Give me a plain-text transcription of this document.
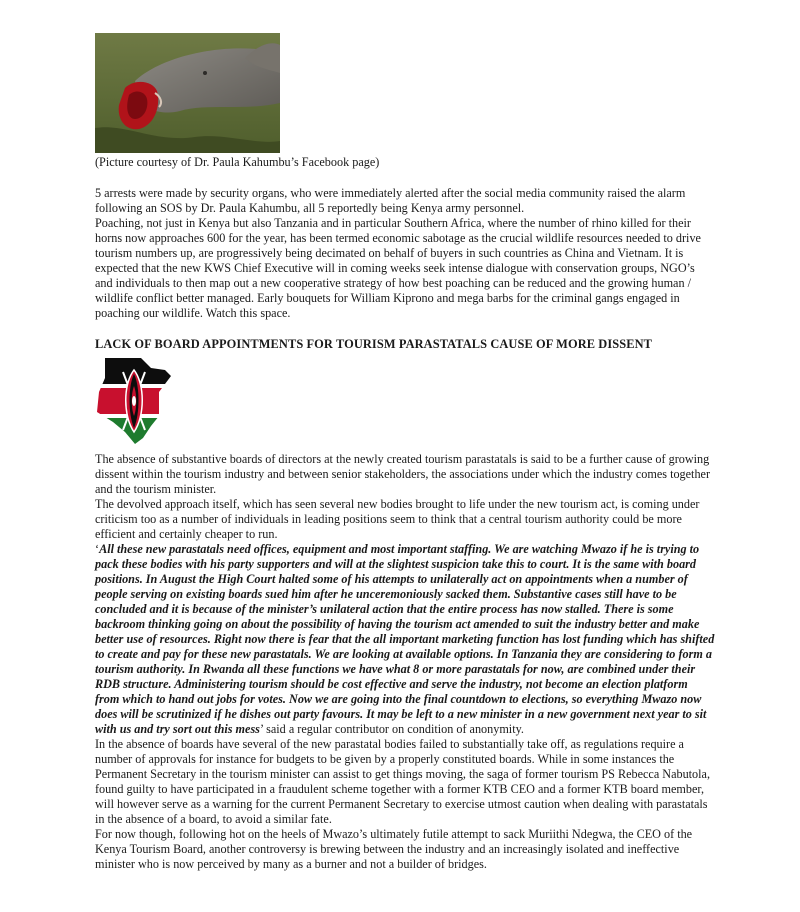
(Picture courtesy of Dr. Paula Kahumbu’s Facebook page)

5 arrests were made by security organs, who were immediately alerted after the social media community raised the alarm following an SOS by Dr. Paula Kahumbu, all 5 reportedly being Kenya army personnel.

Poaching, not just in Kenya but also Tanzania and in particular Southern Africa, where the number of rhino killed for their horns now approaches 600 for the year, has been termed economic sabotage as the crucial wildlife resources needed to drive tourism numbers up, are progressively being decimated on behalf of buyers in such countries as China and Vietnam. It is expected that the new KWS Chief Executive will in coming weeks seek intense dialogue with conservation groups, NGO’s and individuals to then map out a new cooperative strategy of how best poaching can be reduced and the growing human / wildlife conflict better managed. Early bouquets for William Kiprono and mega barbs for the criminal gangs engaged in poaching our wildlife. Watch this space.

LACK OF BOARD APPOINTMENTS FOR TOURISM PARASTATALS CAUSE OF MORE DISSENT

The absence of substantive boards of directors at the newly created tourism parastatals is said to be a further cause of growing dissent within the tourism industry and between senior stakeholders, the associations under which the industry comes together and the tourism minister.

The devolved approach itself, which has seen several new bodies brought to life under the new tourism act, is coming under criticism too as a number of individuals in leading positions seem to think that a central tourism authority could be more efficient and certainly cheaper to run.

‘All these new parastatals need offices, equipment and most important staffing. We are watching Mwazo if he is trying to pack these bodies with his party supporters and will at the slightest suspicion take this to court. It is the same with board positions. In August the High Court halted some of his attempts to unilaterally act on appointments when a number of people serving on existing boards sued him after he unceremoniously sacked them. Substantive cases still have to be concluded and it is because of the minister’s unilateral action that the entire process has now stalled. There is some backroom thinking going on about the possibility of having the tourism act amended to suit the industry better and make better use of resources. Right now there is fear that the all important marketing function has lost funding which has shifted to create and pay for these new parastatals. We are looking at available options. In Tanzania they are considering to form a tourism authority. In Rwanda all these functions we have what 8 or more parastatals for now, are combined under their RDB structure. Administering tourism should be cost effective and serve the industry, not become an election platform from which to hand out jobs for votes. Now we are going into the final countdown to elections, so everything Mwazo now does will be scrutinized if he dishes out party favours. It may be left to a new minister in a new government next year to sit with us and try sort out this mess’ said a regular contributor on condition of anonymity.

In the absence of boards have several of the new parastatal bodies failed to substantially take off, as regulations require a number of approvals for instance for budgets to be given by a properly constituted boards. While in some instances the Permanent Secretary in the tourism minister can assist to get things moving, the saga of former tourism PS Rebecca Nabutola, found guilty to have participated in a fraudulent scheme together with a former KTB CEO and a former KTB board member, will however serve as a warning for the current Permanent Secretary to exercise utmost caution when dealing with parastatals in the absence of a board, to avoid a similar fate.

For now though, following hot on the heels of Mwazo’s ultimately futile attempt to sack Muriithi Ndegwa, the CEO of the Kenya Tourism Board, another controversy is brewing between the industry and an increasingly isolated and ineffective minister who is now perceived by many as a burner and not a builder of bridges.
